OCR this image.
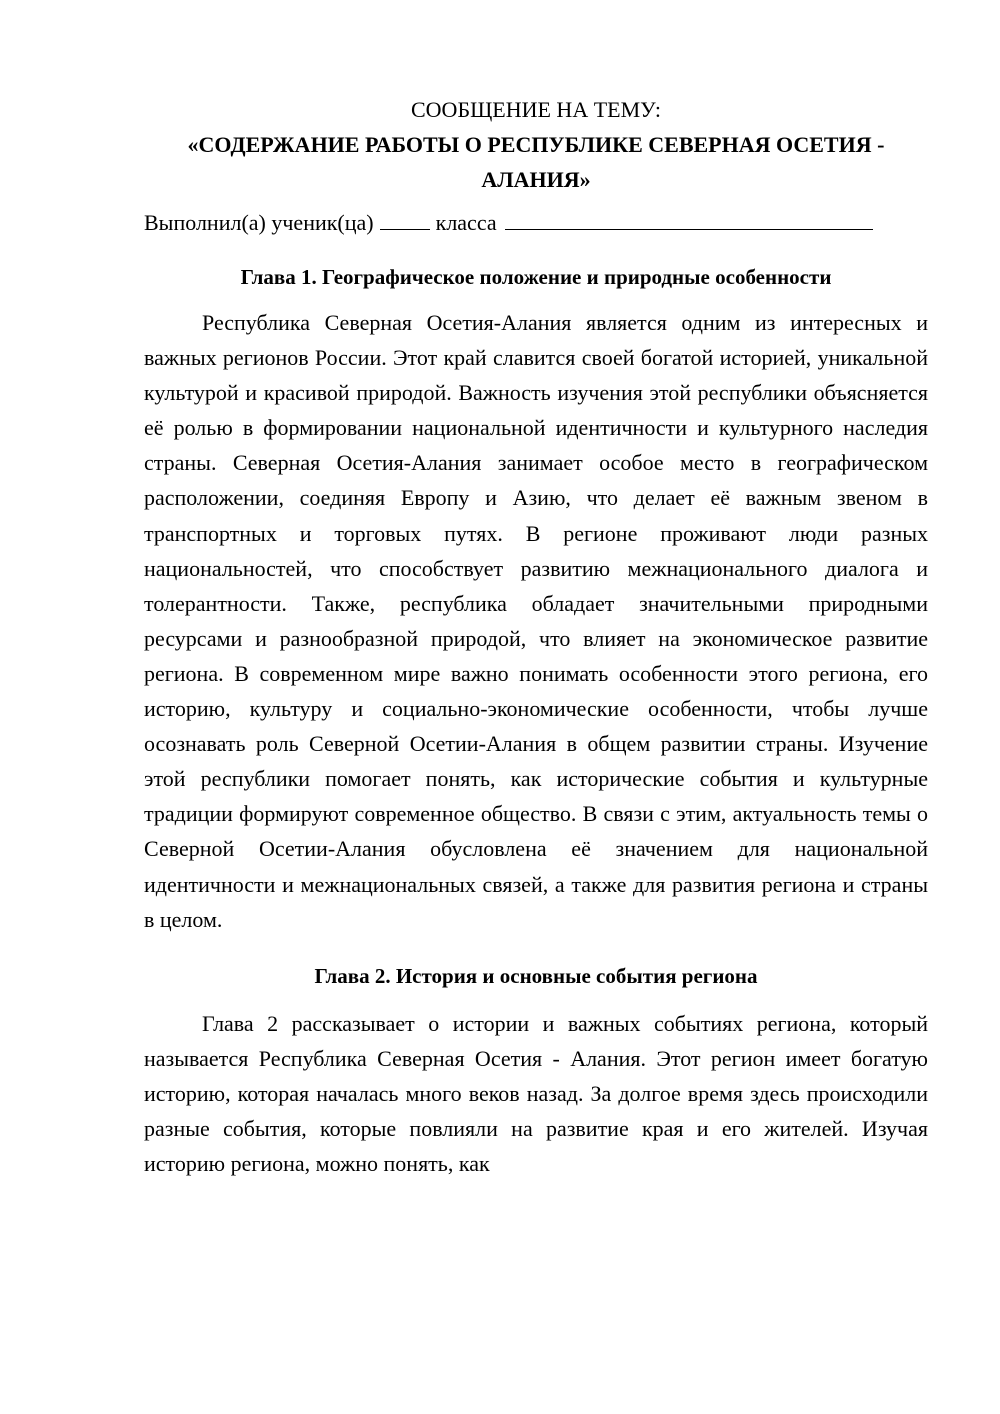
СООБЩЕНИЕ НА ТЕМУ:

«СОДЕРЖАНИЕ РАБОТЫ О РЕСПУБЛИКЕ СЕВЕРНАЯ ОСЕТИЯ - АЛАНИЯ»

Выполнил(а) ученик(ца)	класса

Глава 1. Географическое положение и природные особенности

Республика Северная Осетия-Алания является одним из интересных и важных регионов России. Этот край славится своей богатой историей, уникальной культурой и красивой природой. Важность изучения этой республики объясняется её ролью в формировании национальной идентичности и культурного наследия страны. Северная Осетия-Алания занимает особое место в географическом расположении, соединяя Европу и Азию, что делает её важным звеном в транспортных и торговых путях. В регионе проживают люди разных национальностей, что способствует развитию межнационального диалога и толерантности. Также, республика обладает значительными природными ресурсами и разнообразной природой, что влияет на экономическое развитие региона. В современном мире важно понимать особенности этого региона, его историю, культуру и социально-экономические особенности, чтобы лучше осознавать роль Северной Осетии-Алания в общем развитии страны. Изучение этой республики помогает понять, как исторические события и культурные традиции формируют современное общество. В связи с этим, актуальность темы о Северной Осетии-Алания обусловлена её значением для национальной идентичности и межнациональных связей, а также для развития региона и страны в целом.

Глава 2. История и основные события региона

Глава 2 рассказывает о истории и важных событиях региона, который называется Республика Северная Осетия - Алания. Этот регион имеет богатую историю, которая началась много веков назад. За долгое время здесь происходили разные события, которые повлияли на развитие края и его жителей. Изучая историю региона, можно понять, как
